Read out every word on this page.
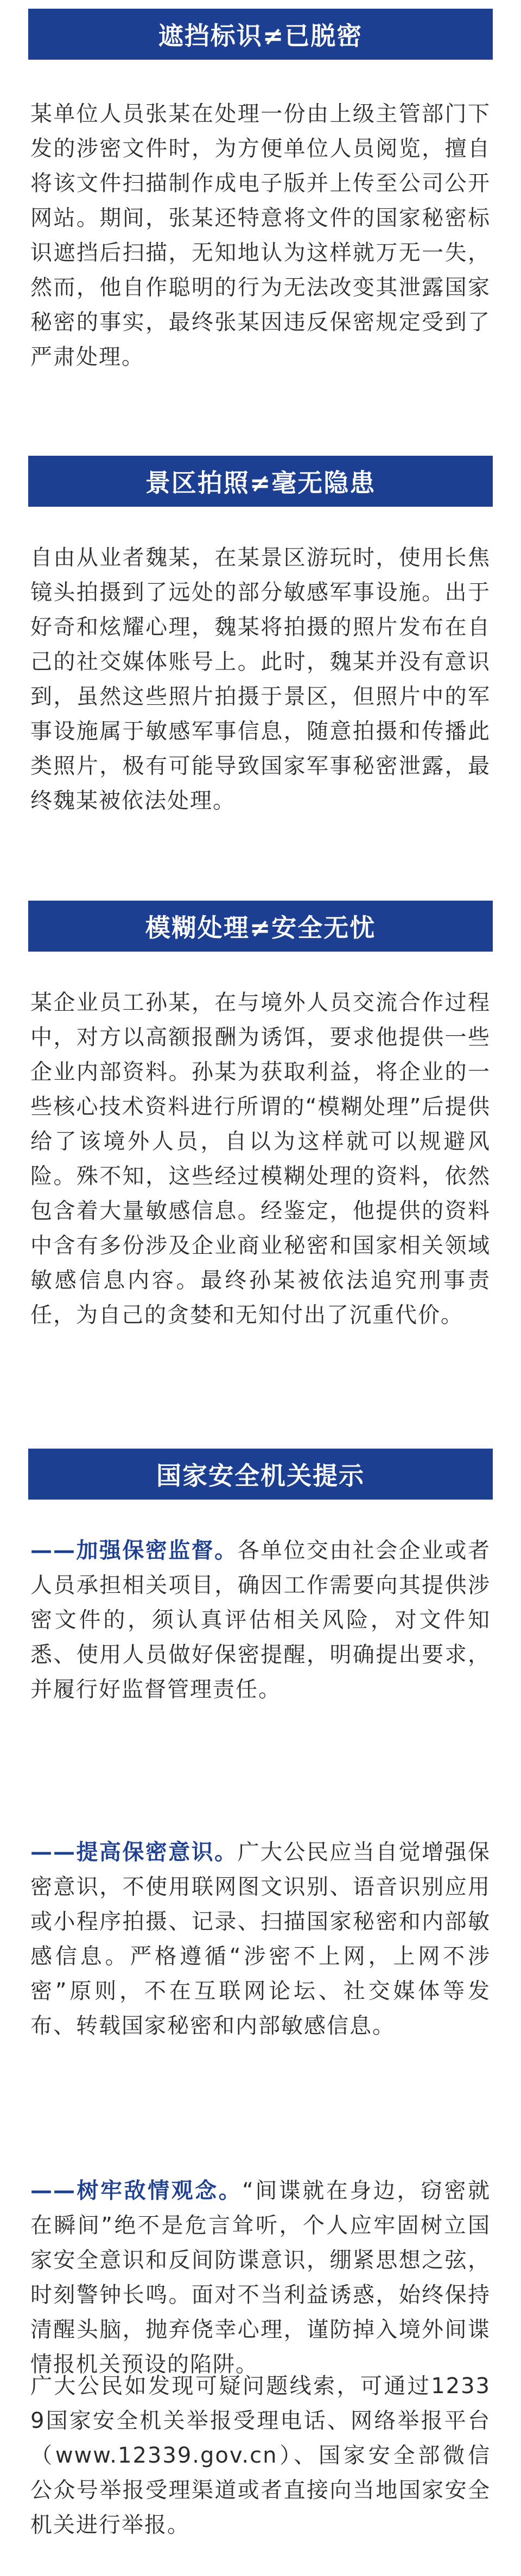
遮挡标识≠已脱密

某单位人员张某在处理一份由上级主管部门下发的涉密文件时，为方便单位人员阅览，擅自将该文件扫描制作成电子版并上传至公司公开网站。期间，张某还特意将文件的国家秘密标识遮挡后扫描，无知地认为这样就万无一失，然而，他自作聪明的行为无法改变其泄露国家秘密的事实，最终张某因违反保密规定受到了严肃处理。

景区拍照≠毫无隐患

自由从业者魏某，在某景区游玩时，使用长焦镜头拍摄到了远处的部分敏感军事设施。出于好奇和炫耀心理，魏某将拍摄的照片发布在自己的社交媒体账号上。此时，魏某并没有意识到，虽然这些照片拍摄于景区，但照片中的军事设施属于敏感军事信息，随意拍摄和传播此类照片，极有可能导致国家军事秘密泄露，最终魏某被依法处理。

模糊处理≠安全无忧

某企业员工孙某，在与境外人员交流合作过程中，对方以高额报酬为诱饵，要求他提供一些企业内部资料。孙某为获取利益，将企业的一些核心技术资料进行所谓的“模糊处理”后提供给了该境外人员，自以为这样就可以规避风险。殊不知，这些经过模糊处理的资料，依然包含着大量敏感信息。经鉴定，他提供的资料中含有多份涉及企业商业秘密和国家相关领域敏感信息内容。最终孙某被依法追究刑事责任，为自己的贪婪和无知付出了沉重代价。

国家安全机关提示

——加强保密监督。各单位交由社会企业或者人员承担相关项目，确因工作需要向其提供涉密文件的，须认真评估相关风险，对文件知悉、使用人员做好保密提醒，明确提出要求，并履行好监督管理责任。

——提高保密意识。广大公民应当自觉增强保密意识，不使用联网图文识别、语音识别应用或小程序拍摄、记录、扫描国家秘密和内部敏感信息。严格遵循“涉密不上网，上网不涉密”原则，不在互联网论坛、社交媒体等发布、转载国家秘密和内部敏感信息。

——树牢敌情观念。“间谍就在身边，窃密就在瞬间”绝不是危言耸听，个人应牢固树立国家安全意识和反间防谍意识，绷紧思想之弦，时刻警钟长鸣。面对不当利益诱惑，始终保持清醒头脑，抛弃侥幸心理，谨防掉入境外间谍情报机关预设的陷阱。

广大公民如发现可疑问题线索，可通过12339国家安全机关举报受理电话、网络举报平台（www.12339.gov.cn）、国家安全部微信公众号举报受理渠道或者直接向当地国家安全机关进行举报。
